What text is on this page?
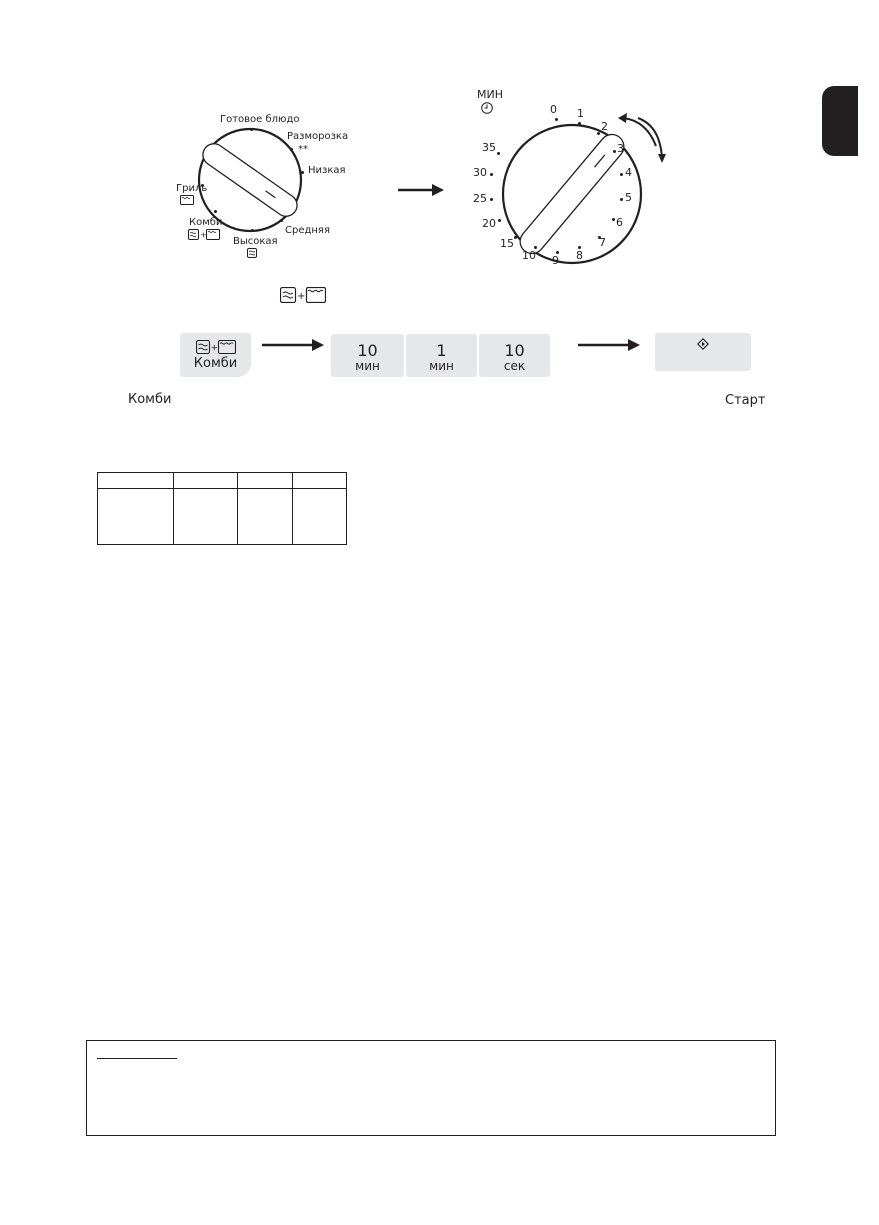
Готовое блюдо
Разморозка
⁎⁎
Низкая
Средняя
Высокая
Комби
+
Гриль
МИН
0 1
2
3
4
5
6
7
8
9
10
15
20
25
30
35
+
+
Комби
10
мин
1
мин
10
сек
Комби	Старт
